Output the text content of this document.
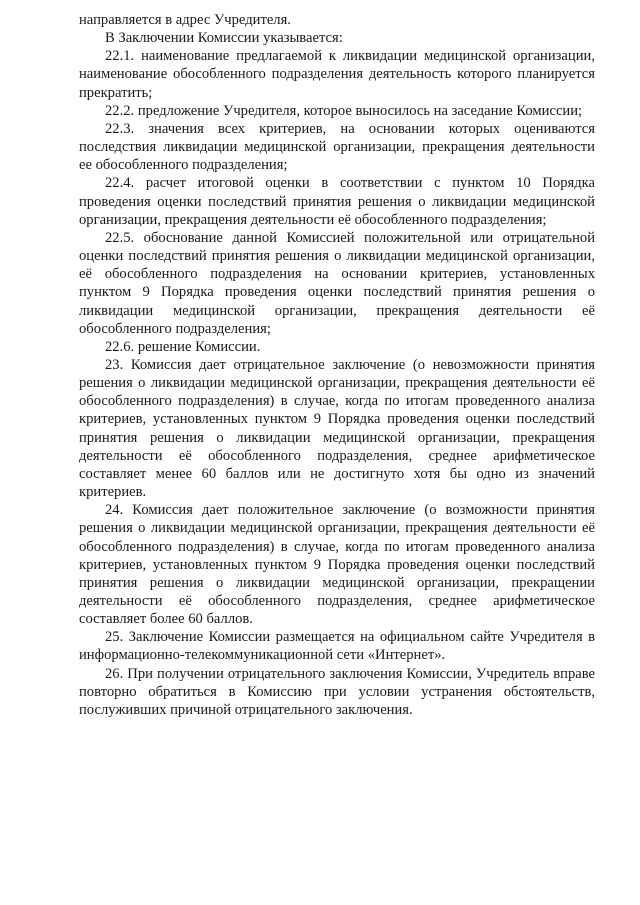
направляется в адрес Учредителя.

В Заключении Комиссии указывается:

22.1. наименование предлагаемой к ликвидации медицинской организации, наименование обособленного подразделения деятельность которого планируется прекратить;

22.2. предложение Учредителя, которое выносилось на заседание Комиссии;

22.3. значения всех критериев, на основании которых оцениваются последствия ликвидации медицинской организации, прекращения деятельности ее обособленного подразделения;

22.4. расчет итоговой оценки в соответствии с пунктом 10 Порядка проведения оценки последствий принятия решения о ликвидации медицинской организации, прекращения деятельности её обособленного подразделения;

22.5. обоснование данной Комиссией положительной или отрицательной оценки последствий принятия решения о ликвидации медицинской организации, её обособленного подразделения на основании критериев, установленных пунктом 9 Порядка проведения оценки последствий принятия решения о ликвидации медицинской организации, прекращения деятельности её обособленного подразделения;

22.6. решение Комиссии.

23. Комиссия дает отрицательное заключение (о невозможности принятия решения о ликвидации медицинской организации, прекращения деятельности её обособленного подразделения) в случае, когда по итогам проведенного анализа критериев, установленных пунктом 9 Порядка проведения оценки последствий принятия решения о ликвидации медицинской организации, прекращения деятельности её обособленного подразделения, среднее арифметическое составляет менее 60 баллов или не достигнуто хотя бы одно из значений критериев.

24. Комиссия дает положительное заключение (о возможности принятия решения о ликвидации медицинской организации, прекращения деятельности её обособленного подразделения) в случае, когда по итогам проведенного анализа критериев, установленных пунктом 9 Порядка проведения оценки последствий принятия решения о ликвидации медицинской организации, прекращении деятельности её обособленного подразделения, среднее арифметическое составляет более 60 баллов.

25. Заключение Комиссии размещается на официальном сайте Учредителя в информационно-телекоммуникационной сети «Интернет».

26. При получении отрицательного заключения Комиссии, Учредитель вправе повторно обратиться в Комиссию при условии устранения обстоятельств, послуживших причиной отрицательного заключения.
